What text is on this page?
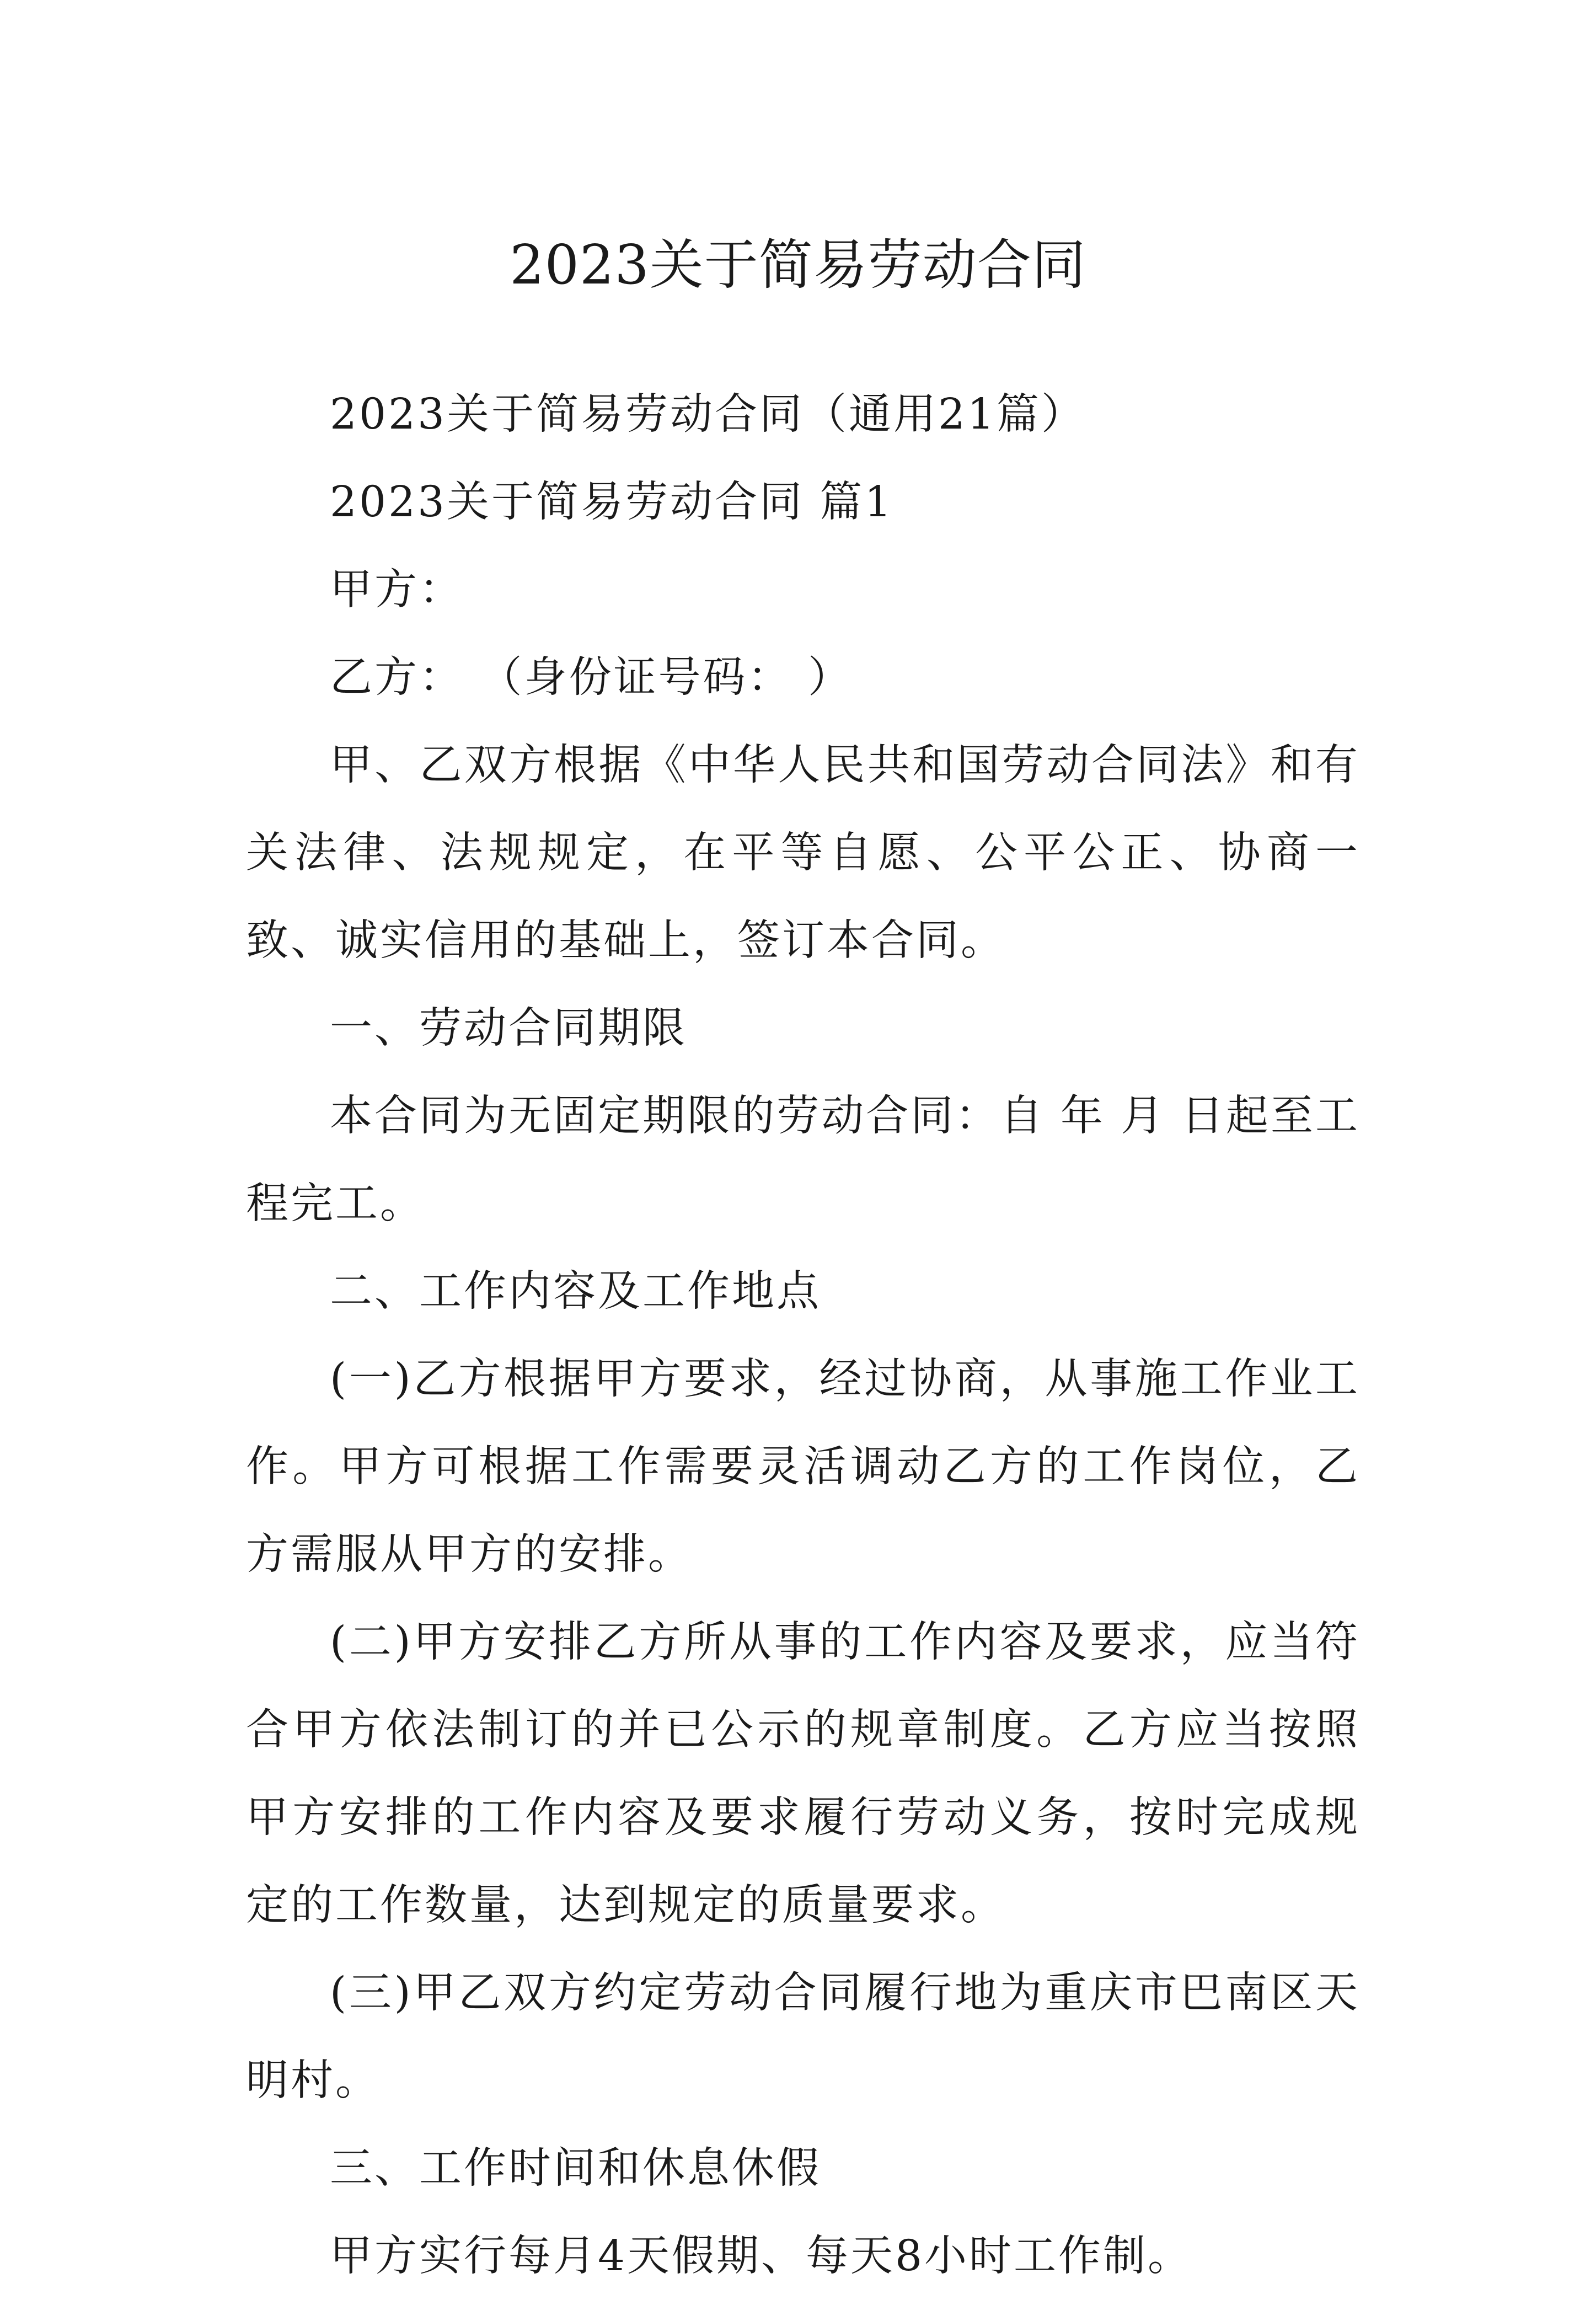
2023关于简易劳动合同

2023关于简易劳动合同（通用21篇）

2023关于简易劳动合同 篇1

甲方：

乙方： （身份证号码： ）

甲、乙双方根据《中华人民共和国劳动合同法》和有关法律、法规规定，在平等自愿、公平公正、协商一致、诚实信用的基础上，签订本合同。

一、劳动合同期限

本合同为无固定期限的劳动合同：自 年 月 日起至工程完工。

二、工作内容及工作地点

(一)乙方根据甲方要求，经过协商，从事施工作业工作。甲方可根据工作需要灵活调动乙方的工作岗位，乙方需服从甲方的安排。

(二)甲方安排乙方所从事的工作内容及要求，应当符合甲方依法制订的并已公示的规章制度。乙方应当按照甲方安排的工作内容及要求履行劳动义务，按时完成规定的工作数量，达到规定的质量要求。

(三)甲乙双方约定劳动合同履行地为重庆市巴南区天明村。

三、工作时间和休息休假

甲方实行每月4天假期、每天8小时工作制。
